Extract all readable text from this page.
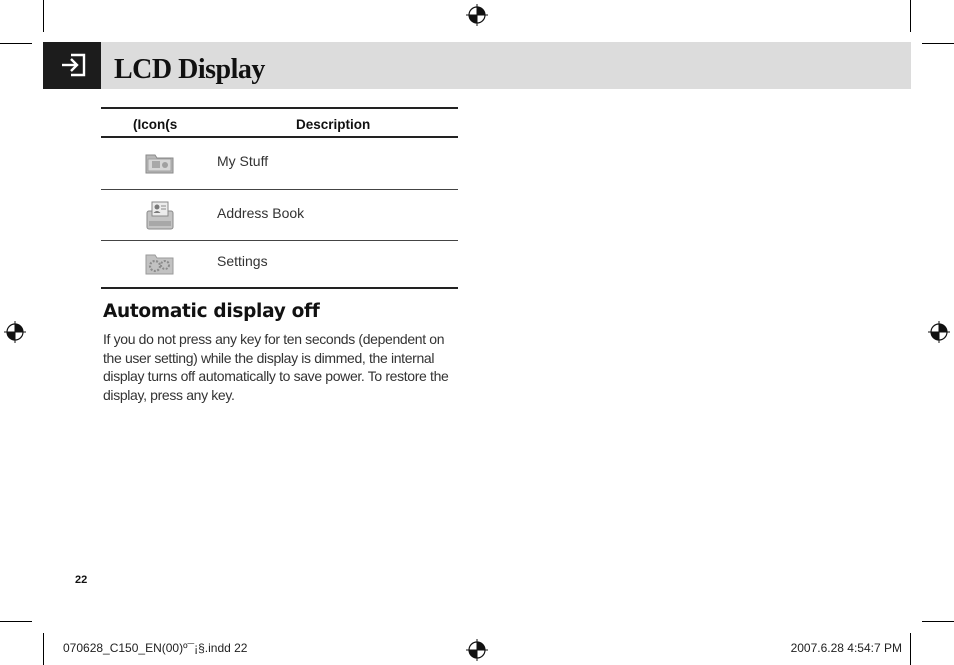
LCD Display
(Icon(s	Description
My Stuff
Address Book
Settings
Automatic display off

If you do not press any key for ten seconds (dependent on the user setting) while the display is dimmed, the internal display turns off automatically to save power. To restore the display, press any key.

22
070628_C150_EN(00)º¯¡§.indd 22	2007.6.28 4:54:7 PM
